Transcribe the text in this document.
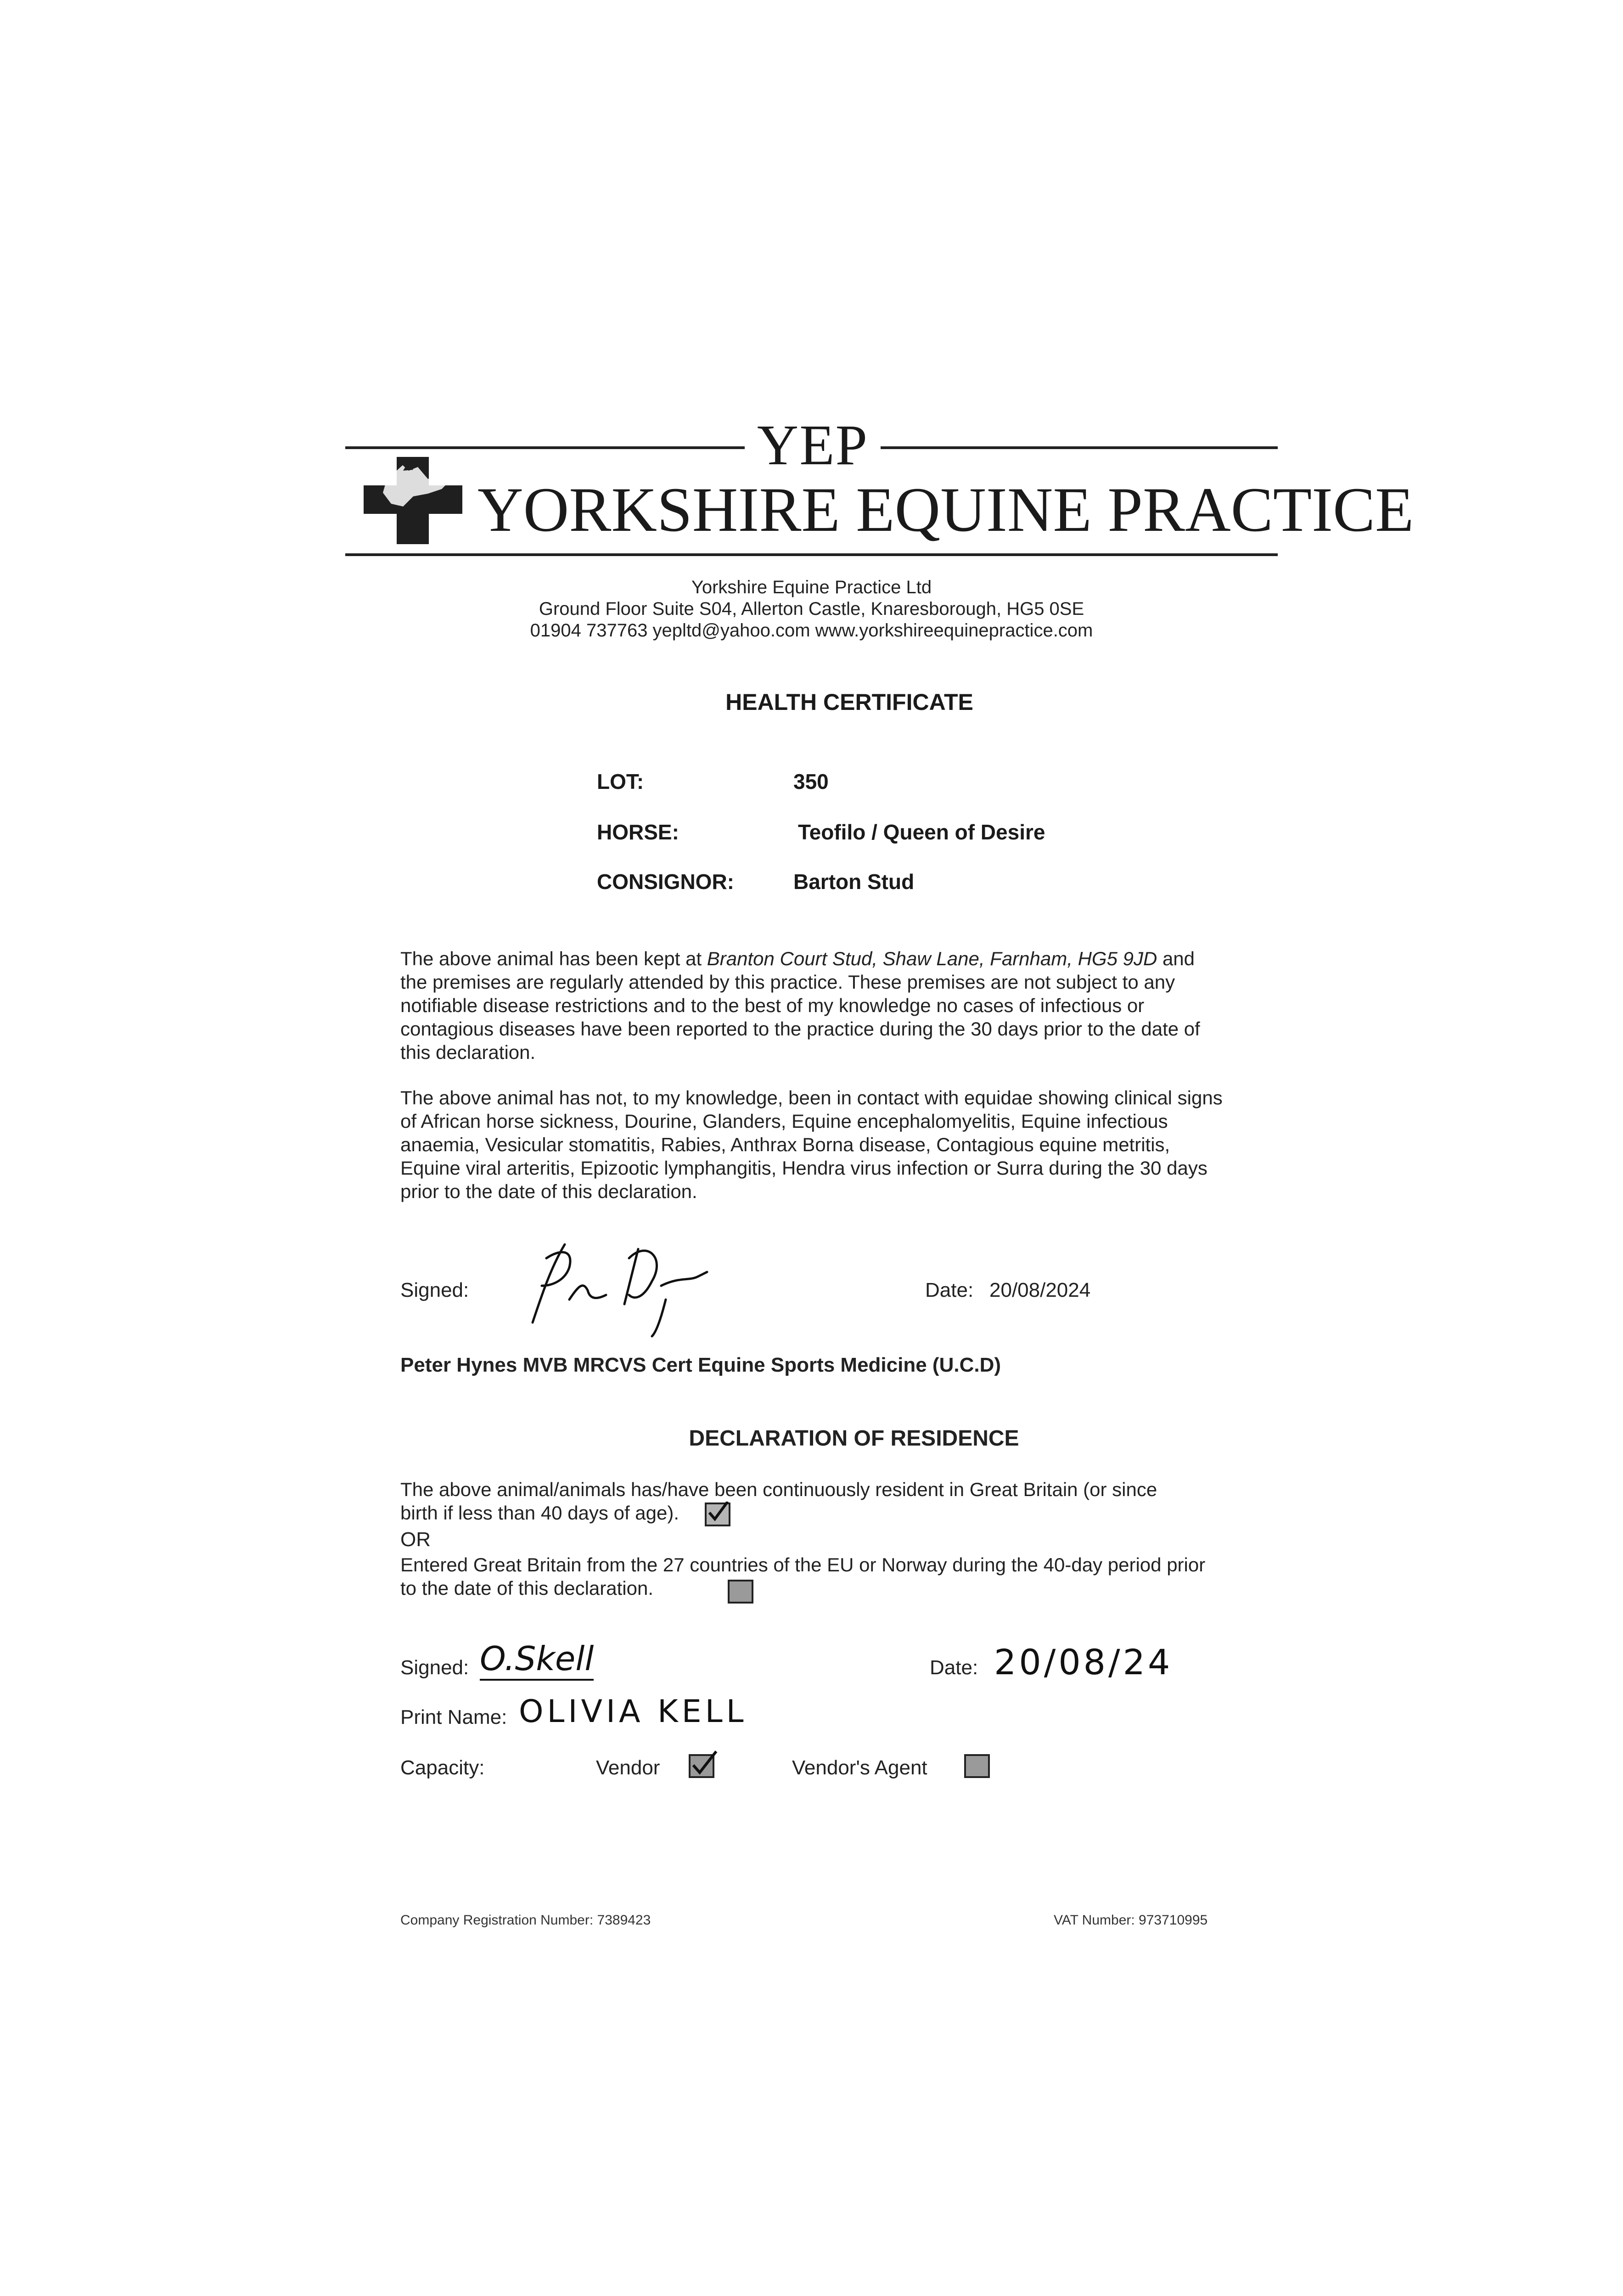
YEP
YORKSHIRE EQUINE PRACTICE
Yorkshire Equine Practice Ltd
Ground Floor Suite S04, Allerton Castle, Knaresborough, HG5 0SE
01904 737763 yepltd@yahoo.com www.yorkshireequinepractice.com
HEALTH CERTIFICATE
LOT:	350
HORSE:	Teofilo / Queen of Desire
CONSIGNOR:	Barton Stud
The above animal has been kept at Branton Court Stud, Shaw Lane, Farnham, HG5 9JD and the premises are regularly attended by this practice. These premises are not subject to any notifiable disease restrictions and to the best of my knowledge no cases of infectious or contagious diseases have been reported to the practice during the 30 days prior to the date of this declaration.
The above animal has not, to my knowledge, been in contact with equidae showing clinical signs of African horse sickness, Dourine, Glanders, Equine encephalomyelitis, Equine infectious anaemia, Vesicular stomatitis, Rabies, Anthrax Borna disease, Contagious equine metritis, Equine viral arteritis, Epizootic lymphangitis, Hendra virus infection or Surra during the 30 days prior to the date of this declaration.
Signed:
Peter Hynes
Date: 20/08/2024
Peter Hynes MVB MRCVS Cert Equine Sports Medicine (U.C.D)
DECLARATION OF RESIDENCE
The above animal/animals has/have been continuously resident in Great Britain (or since birth if less than 40 days of age).
OR
Entered Great Britain from the 27 countries of the EU or Norway during the 40-day period prior to the date of this declaration.
Signed: O.Skell	Date: 20/08/24
Print Name: OLIVIA KELL
Capacity:	Vendor	Vendor's Agent
Company Registration Number: 7389423	VAT Number: 973710995
